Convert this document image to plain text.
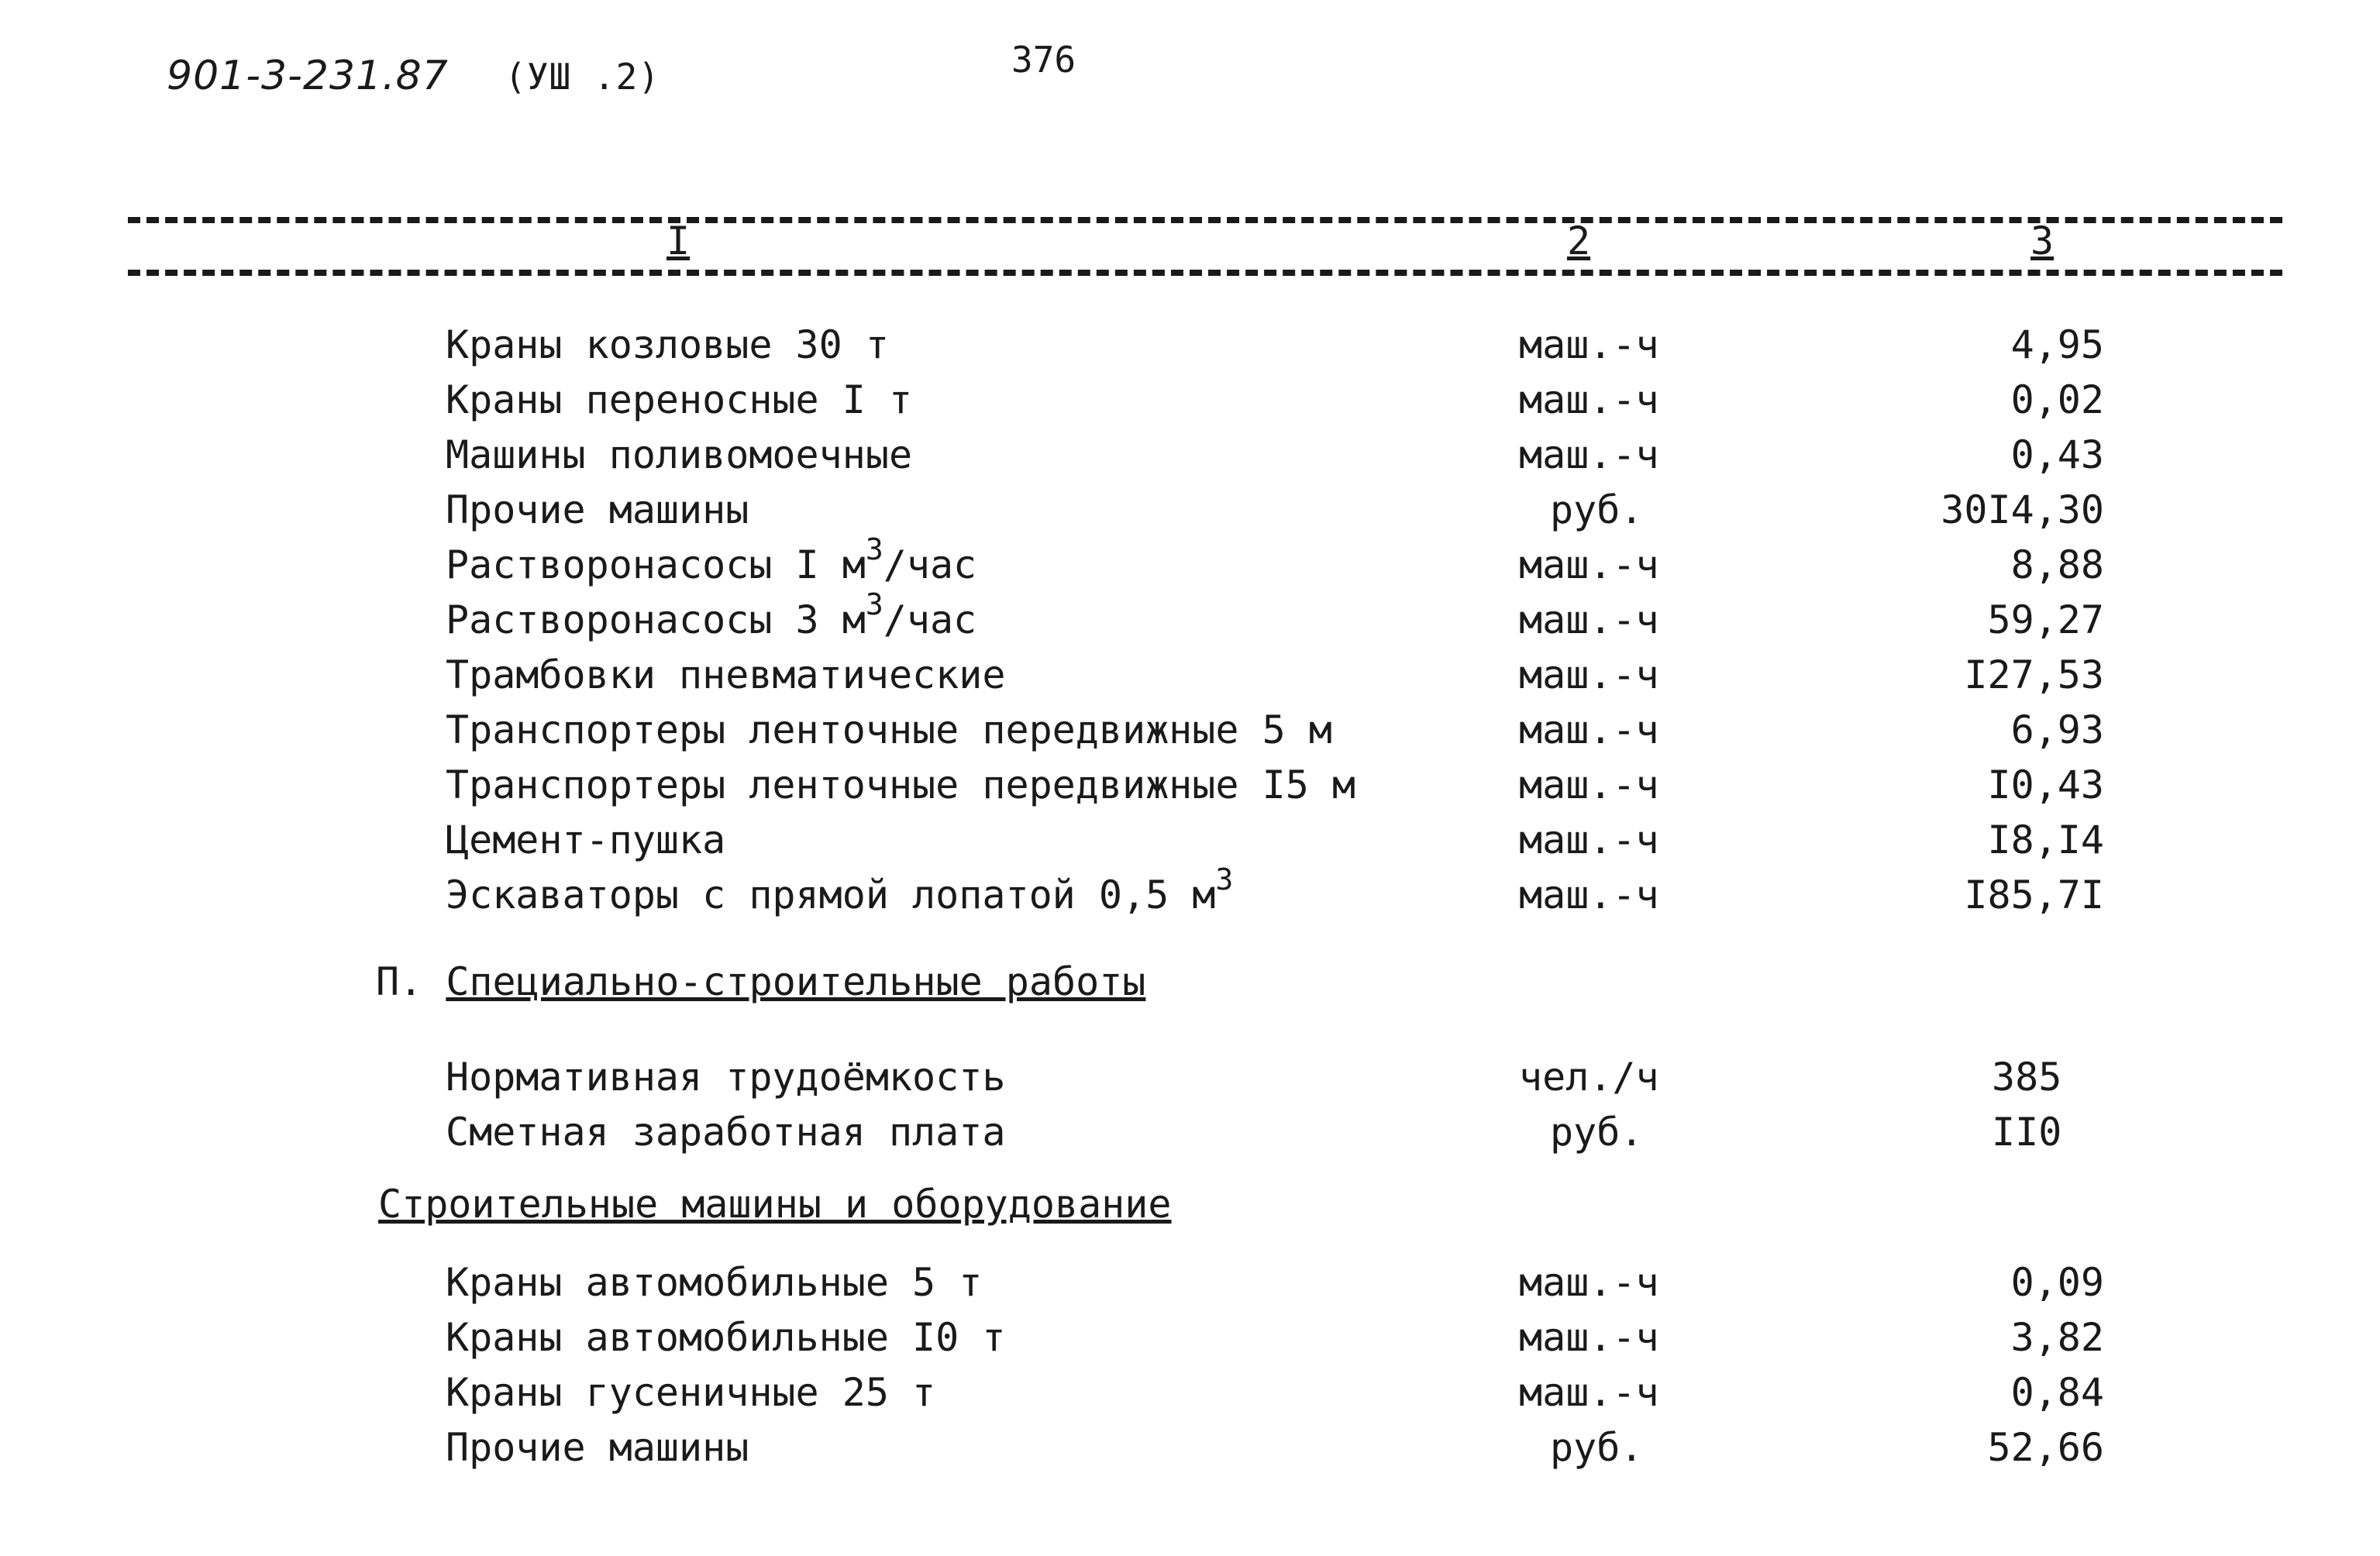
901-3-231.87 (УШ .2)	376
I	2	3
Краны козловые 30 т	маш.-ч	4,95
Краны переносные I т	маш.-ч	0,02
Машины поливомоечные	маш.-ч	0,43
Прочие машины	руб.	30I4,30
Растворонасосы I $м^3$/час	маш.-ч	8,88
Растворонасосы 3 $м^3$/час	маш.-ч	59,27
Трамбовки пневматические	маш.-ч	I27,53
Транспортеры ленточные передвижные 5 м	маш.-ч	6,93
Транспортеры ленточные передвижные I5 м	маш.-ч	I0,43
Цемент-пушка	маш.-ч	I8,I4
Эскаваторы с прямой лопатой 0,5 $м^3$	маш.-ч	I85,7I
П. Специально-строительные работы
Нормативная трудоёмкость	чел./ч	385
Сметная заработная плата	руб.	II0
Строительные машины и оборудование
Краны автомобильные 5 т	маш.-ч	0,09
Краны автомобильные I0 т	маш.-ч	3,82
Краны гусеничные 25 т	маш.-ч	0,84
Прочие машины	руб.	52,66
